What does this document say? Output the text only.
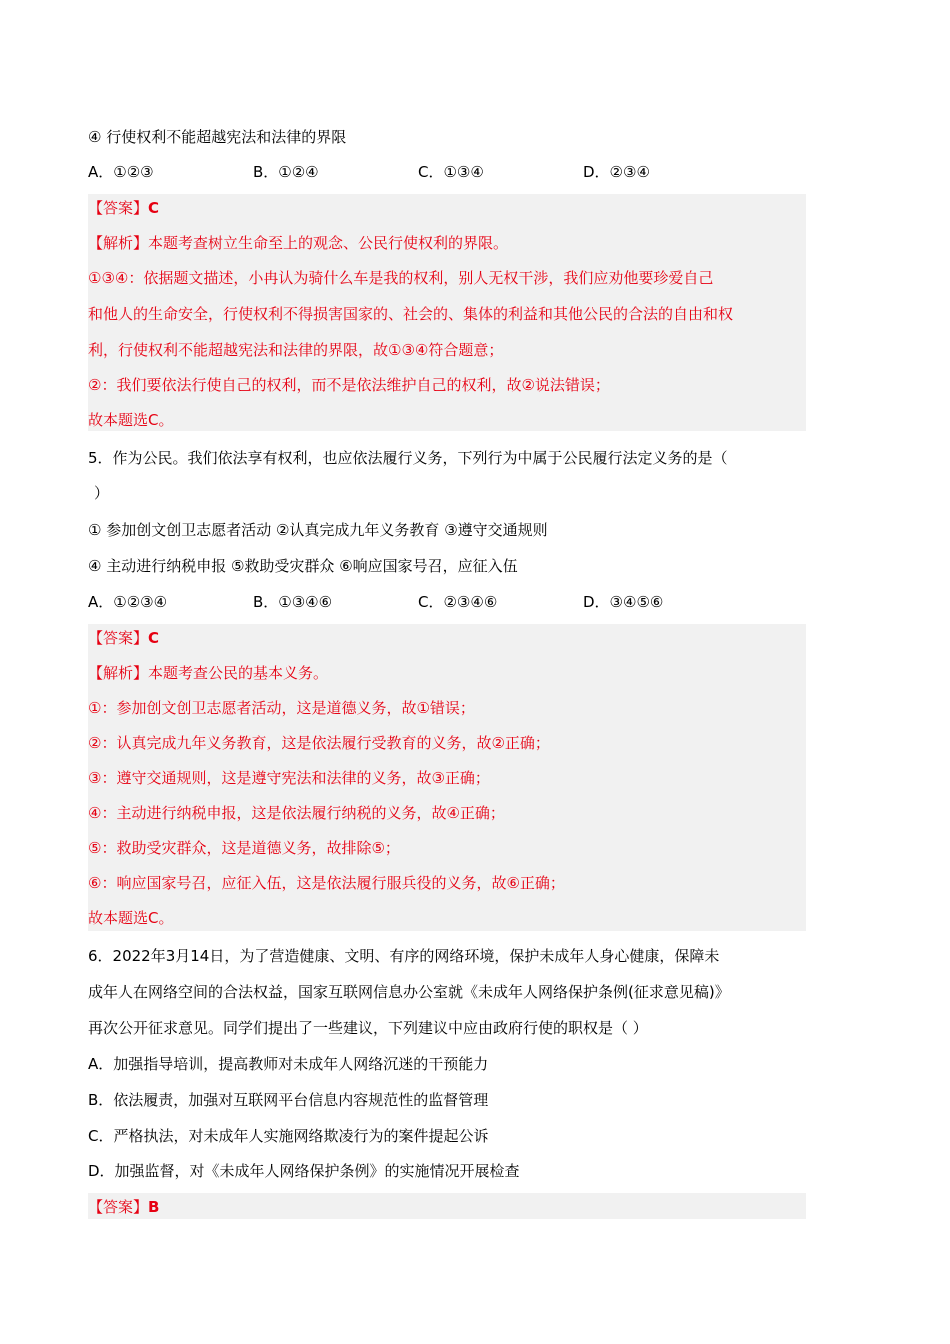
④ 行使权利不能超越宪法和法律的界限
A．①②③	B．①②④	C．①③④	D．②③④
【答案】C
【解析】本题考查树立生命至上的观念、公民行使权利的界限。
①③④：依据题文描述，小冉认为骑什么车是我的权利，别人无权干涉，我们应劝他要珍爱自己
和他人的生命安全，行使权利不得损害国家的、社会的、集体的利益和其他公民的合法的自由和权
利，行使权利不能超越宪法和法律的界限，故①③④符合题意；
②：我们要依法行使自己的权利，而不是依法维护自己的权利，故②说法错误；
故本题选C。
5．作为公民。我们依法享有权利，也应依法履行义务，下列行为中属于公民履行法定义务的是（
）
① 参加创文创卫志愿者活动 ②认真完成九年义务教育 ③遵守交通规则
④ 主动进行纳税申报 ⑤救助受灾群众 ⑥响应国家号召，应征入伍
A．①②③④	B．①③④⑥	C．②③④⑥	D．③④⑤⑥
【答案】C
【解析】本题考查公民的基本义务。
①：参加创文创卫志愿者活动，这是道德义务，故①错误；
②：认真完成九年义务教育，这是依法履行受教育的义务，故②正确；
③：遵守交通规则，这是遵守宪法和法律的义务，故③正确；
④：主动进行纳税申报，这是依法履行纳税的义务，故④正确；
⑤：救助受灾群众，这是道德义务，故排除⑤；
⑥：响应国家号召，应征入伍，这是依法履行服兵役的义务，故⑥正确；
故本题选C。
6．2022年3月14日，为了营造健康、文明、有序的网络环境，保护未成年人身心健康，保障未
成年人在网络空间的合法权益，国家互联网信息办公室就《未成年人网络保护条例(征求意见稿)》
再次公开征求意见。同学们提出了一些建议，下列建议中应由政府行使的职权是（ ）
A．加强指导培训，提高教师对未成年人网络沉迷的干预能力
B．依法履责，加强对互联网平台信息内容规范性的监督管理
C．严格执法，对未成年人实施网络欺凌行为的案件提起公诉
D．加强监督，对《未成年人网络保护条例》的实施情况开展检查
【答案】B
